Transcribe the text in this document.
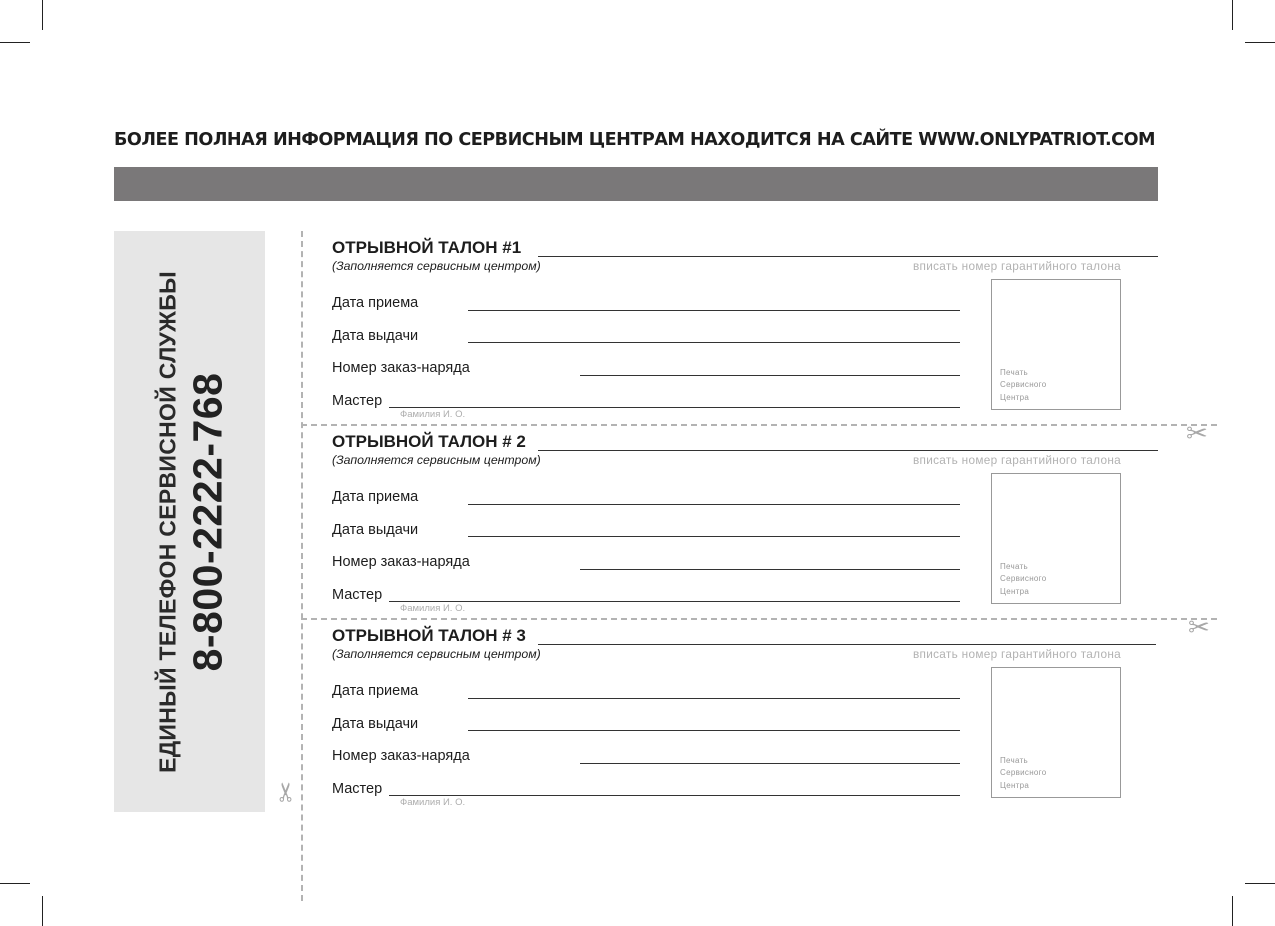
БОЛЕЕ ПОЛНАЯ ИНФОРМАЦИЯ ПО СЕРВИСНЫМ ЦЕНТРАМ НАХОДИТСЯ НА САЙТЕ WWW.ONLYPATRIOT.COM
ЕДИНЫЙ ТЕЛЕФОН СЕРВИСНОЙ СЛУЖБЫ 8-800-2222-768	✂
✂
✂
ОТРЫВНОЙ ТАЛОН #1
(Заполняется сервисным центром)	вписать номер гарантийного талона
Дата приема
Дата выдачи
Номер заказ-наряда
Мастер
Фамилия И. О.
Печать
Сервисного
Центра
ОТРЫВНОЙ ТАЛОН # 2
(Заполняется сервисным центром)	вписать номер гарантийного талона
Дата приема
Дата выдачи
Номер заказ-наряда
Мастер
Фамилия И. О.
Печать
Сервисного
Центра
ОТРЫВНОЙ ТАЛОН # 3
(Заполняется сервисным центром)	вписать номер гарантийного талона
Дата приема
Дата выдачи
Номер заказ-наряда
Мастер
Фамилия И. О.
Печать
Сервисного
Центра
